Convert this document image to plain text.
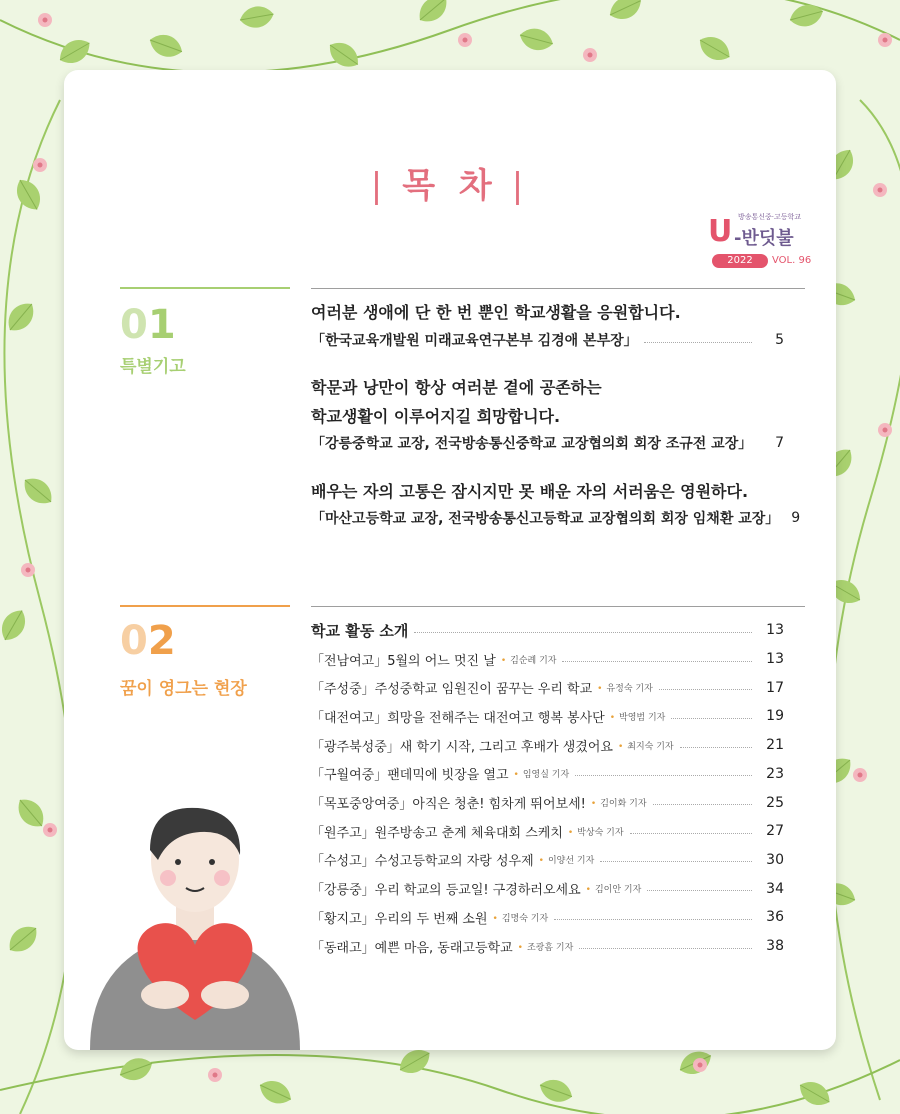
| 목 차 |
방송통신중·고등학교
U -반딧불
2022	VOL. 96
01
특별기고
여러분 생애에 단 한 번 뿐인 학교생활을 응원합니다.
「한국교육개발원 미래교육연구본부 김경애 본부장」	5
학문과 낭만이 항상 여러분 곁에 공존하는
학교생활이 이루어지길 희망합니다.
「강릉중학교 교장, 전국방송통신중학교 교장협의회 회장 조규전 교장」	7
배우는 자의 고통은 잠시지만 못 배운 자의 서러움은 영원하다.
「마산고등학교 교장, 전국방송통신고등학교 교장협의회 회장 임채환 교장」 9
02
꿈이 영그는 현장
학교 활동 소개	13
「전남여고」5월의 어느 멋진 날	• 김순례 기자	13
「주성중」주성중학교 임원진이 꿈꾸는 우리 학교	• 유정숙 기자	17
「대전여고」희망을 전해주는 대전여고 행복 봉사단	• 박영범 기자	19
「광주북성중」새 학기 시작, 그리고 후배가 생겼어요	• 최지숙 기자	21
「구월여중」팬데믹에 빗장을 열고	• 임영실 기자	23
「목포중앙여중」아직은 청춘! 힘차게 뛰어보세!	• 김이화 기자	25
「원주고」원주방송고 춘계 체육대회 스케치	• 박상숙 기자	27
「수성고」수성고등학교의 자랑 성우제	• 이양선 기자	30
「강릉중」우리 학교의 등교일! 구경하러오세요	• 김이안 기자	34
「황지고」우리의 두 번째 소원	• 김명숙 기자	36
「동래고」예쁜 마음, 동래고등학교	• 조광흠 기자	38
